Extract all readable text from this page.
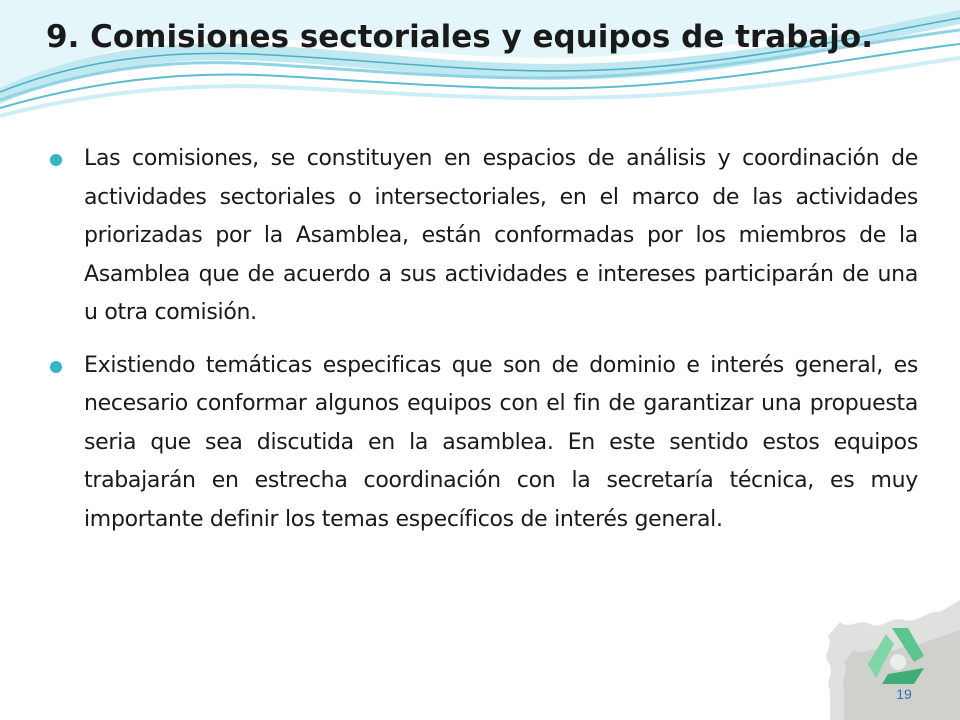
9. Comisiones sectoriales y equipos de trabajo.
Las comisiones, se constituyen en espacios de análisis y coordinación de actividades sectoriales o intersectoriales, en el marco de las actividades priorizadas por la Asamblea, están conformadas por los miembros de la Asamblea que de acuerdo a sus actividades e intereses participarán de una u otra comisión.
Existiendo temáticas especificas que son de dominio e interés general, es necesario conformar algunos equipos con el fin de garantizar una propuesta seria que sea discutida en la asamblea. En este sentido estos equipos trabajarán en estrecha coordinación con la secretaría técnica, es muy importante definir los temas específicos de interés general.
19
